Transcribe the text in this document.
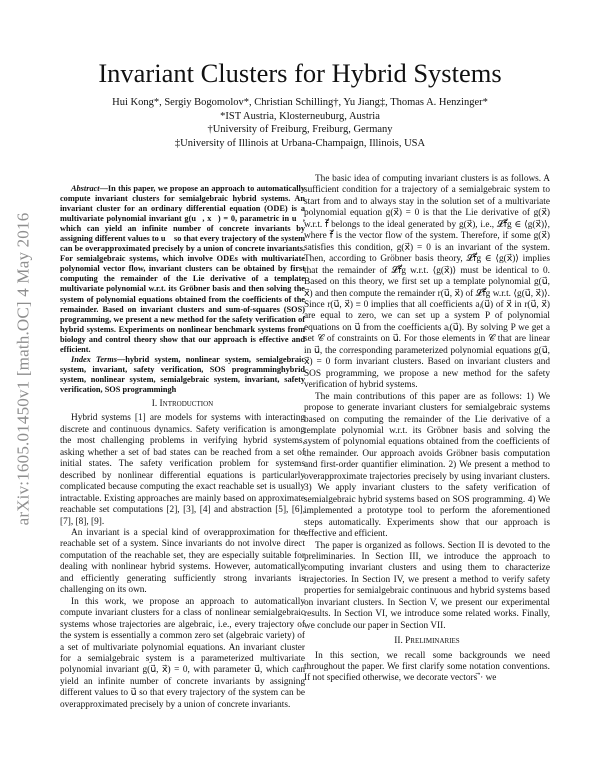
arXiv:1605.01450v1 [math.OC] 4 May 2016
Invariant Clusters for Hybrid Systems
Hui Kong*, Sergiy Bogomolov*, Christian Schilling†, Yu Jiang‡, Thomas A. Henzinger*
*IST Austria, Klosterneuburg, Austria
†University of Freiburg, Freiburg, Germany
‡University of Illinois at Urbana-Champaign, Illinois, USA

Abstract—In this paper, we propose an approach to automatically compute invariant clusters for semialgebraic hybrid systems. An invariant cluster for an ordinary differential equation (ODE) is a multivariate polynomial invariant g(u⃗, x⃗) = 0, parametric in u⃗, which can yield an infinite number of concrete invariants by assigning different values to u⃗ so that every trajectory of the system can be overapproximated precisely by a union of concrete invariants. For semialgebraic systems, which involve ODEs with multivariate polynomial vector flow, invariant clusters can be obtained by first computing the remainder of the Lie derivative of a template multivariate polynomial w.r.t. its Gröbner basis and then solving the system of polynomial equations obtained from the coefficients of the remainder. Based on invariant clusters and sum-of-squares (SOS) programming, we present a new method for the safety verification of hybrid systems. Experiments on nonlinear benchmark systems from biology and control theory show that our approach is effective and efficient.

Index Terms—hybrid system, nonlinear system, semialgebraic system, invariant, safety verification, SOS programminghybrid system, nonlinear system, semialgebraic system, invariant, safety verification, SOS programmingh

I. Introduction

Hybrid systems [1] are models for systems with interacting discrete and continuous dynamics. Safety verification is among the most challenging problems in verifying hybrid systems, asking whether a set of bad states can be reached from a set of initial states. The safety verification problem for systems described by nonlinear differential equations is particularly complicated because computing the exact reachable set is usually intractable. Existing approaches are mainly based on approximate reachable set computations [2], [3], [4] and abstraction [5], [6], [7], [8], [9].

An invariant is a special kind of overapproximation for the reachable set of a system. Since invariants do not involve direct computation of the reachable set, they are especially suitable for dealing with nonlinear hybrid systems. However, automatically and efficiently generating sufficiently strong invariants is challenging on its own.

In this work, we propose an approach to automatically compute invariant clusters for a class of nonlinear semialgebraic systems whose trajectories are algebraic, i.e., every trajectory of the system is essentially a common zero set (algebraic variety) of a set of multivariate polynomial equations. An invariant cluster for a semialgebraic system is a parameterized multivariate polynomial invariant g(u⃗, x⃗) = 0, with parameter u⃗, which can yield an infinite number of concrete invariants by assigning different values to u⃗ so that every trajectory of the system can be overapproximated precisely by a union of concrete invariants.

The basic idea of computing invariant clusters is as follows. A sufficient condition for a trajectory of a semialgebraic system to start from and to always stay in the solution set of a multivariate polynomial equation g(x⃗) = 0 is that the Lie derivative of g(x⃗) w.r.t. f⃗ belongs to the ideal generated by g(x⃗), i.e., 𝓛f⃗g ∈ ⟨g(x⃗)⟩, where f⃗ is the vector flow of the system. Therefore, if some g(x⃗) satisfies this condition, g(x⃗) = 0 is an invariant of the system. Then, according to Gröbner basis theory, 𝓛f⃗g ∈ ⟨g(x⃗)⟩ implies that the remainder of 𝓛f⃗g w.r.t. ⟨g(x⃗)⟩ must be identical to 0. Based on this theory, we first set up a template polynomial g(u⃗, x⃗) and then compute the remainder r(u⃗, x⃗) of 𝓛f⃗g w.r.t. ⟨g(u⃗, x⃗)⟩. Since r(u⃗, x⃗) ≡ 0 implies that all coefficients aᵢ(u⃗) of x⃗ in r(u⃗, x⃗) are equal to zero, we can set up a system P of polynomial equations on u⃗ from the coefficients aᵢ(u⃗). By solving P we get a set 𝒞 of constraints on u⃗. For those elements in 𝒞 that are linear in u⃗, the corresponding parameterized polynomial equations g(u⃗, x⃗) = 0 form invariant clusters. Based on invariant clusters and SOS programming, we propose a new method for the safety verification of hybrid systems.

The main contributions of this paper are as follows: 1) We propose to generate invariant clusters for semialgebraic systems based on computing the remainder of the Lie derivative of a template polynomial w.r.t. its Gröbner basis and solving the system of polynomial equations obtained from the coefficients of the remainder. Our approach avoids Gröbner basis computation and first-order quantifier elimination. 2) We present a method to overapproximate trajectories precisely by using invariant clusters. 3) We apply invariant clusters to the safety verification of semialgebraic hybrid systems based on SOS programming. 4) We implemented a prototype tool to perform the aforementioned steps automatically. Experiments show that our approach is effective and efficient.

The paper is organized as follows. Section II is devoted to the preliminaries. In Section III, we introduce the approach to computing invariant clusters and using them to characterize trajectories. In Section IV, we present a method to verify safety properties for semialgebraic continuous and hybrid systems based on invariant clusters. In Section V, we present our experimental results. In Section VI, we introduce some related works. Finally, we conclude our paper in Section VII.

II. Preliminaries

In this section, we recall some backgrounds we need throughout the paper. We first clarify some notation conventions. If not specified otherwise, we decorate vectors ⃗· we
